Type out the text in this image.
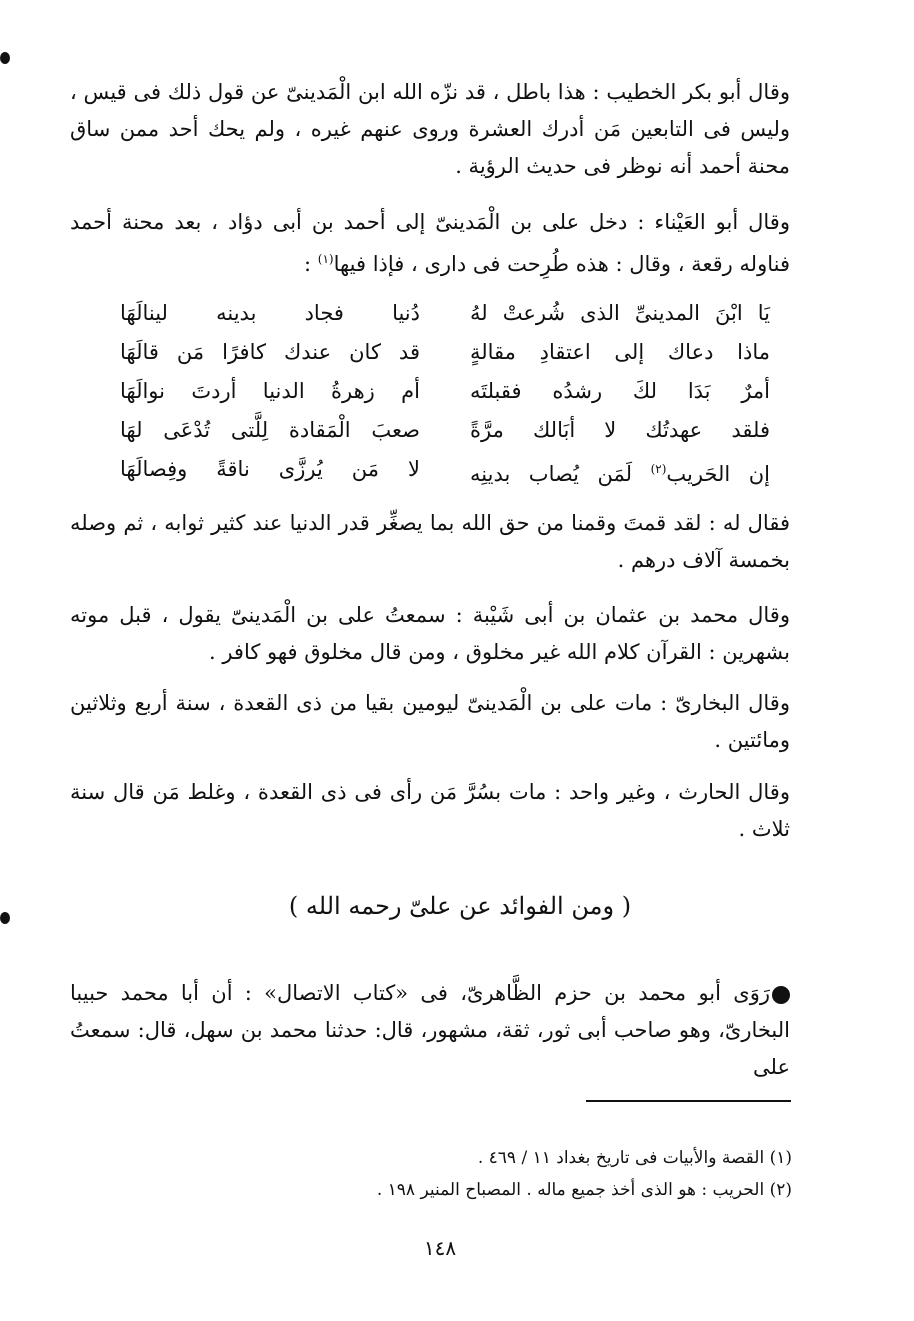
وقال أبو بكر الخطيب : هذا باطل ، قد نزّه الله ابن الْمَدينىّ عن قول ذلك فى قيس ، وليس فى التابعين مَن أدرك العشرة وروى عنهم غيره ، ولم يحك أحد ممن ساق محنة أحمد أنه نوظر فى حديث الرؤية .

وقال أبو العَيْناء : دخل على بن الْمَدينىّ إلى أحمد بن أبى دؤاد ، بعد محنة أحمد فناوله رقعة ، وقال : هذه طُرِحت فى دارى ، فإذا فيها$^{(١)}$ :

يَا ابْنَ المدينىِّ الذى شُرعتْ لهُ
دُنيا فجاد بدينه لينالَهَا
ماذا دعاك إلى اعتقادِ مقالةٍ
قد كان عندك كافرًا مَن قالَهَا
أمرٌ بَدَا لكَ رشدُه فقبلتَه
أم زهرةُ الدنيا أردتَ نوالَهَا
فلقد عهدتُك لا أبَالك مرَّةً
صعبَ الْمَقادة لِلَّتى تُدْعَى لهَا
إن الحَريب$^{(٢)}$ لَمَن يُصاب بدينِه
لا مَن يُرزَّى ناقةً وفِصالَهَا

فقال له : لقد قمتَ وقمنا من حق الله بما يصغِّر قدر الدنيا عند كثير ثوابه ، ثم وصله بخمسة آلاف درهم .

وقال محمد بن عثمان بن أبى شَيْبة : سمعتُ على بن الْمَدينىّ يقول ، قبل موته بشهرين : القرآن كلام الله غير مخلوق ، ومن قال مخلوق فهو كافر .

وقال البخارىّ : مات على بن الْمَدينىّ ليومين بقيا من ذى القعدة ، سنة أربع وثلاثين ومائتين .

وقال الحارث ، وغير واحد : مات بسُرَّ مَن رأى فى ذى القعدة ، وغلط مَن قال سنة ثلاث .

( ومن الفوائد عن علىّ رحمه الله )

رَوَى أبو محمد بن حزم الظَّاهرىّ، فى «كتاب الاتصال» : أن أبا محمد حبيبا البخارىّ، وهو صاحب أبى ثور، ثقة، مشهور، قال: حدثنا محمد بن سهل، قال: سمعتُ على

(١) القصة والأبيات فى تاريخ بغداد ١١ / ٤٦٩ .

(٢) الحريب : هو الذى أخذ جميع ماله . المصباح المنير ١٩٨ .

١٤٨
